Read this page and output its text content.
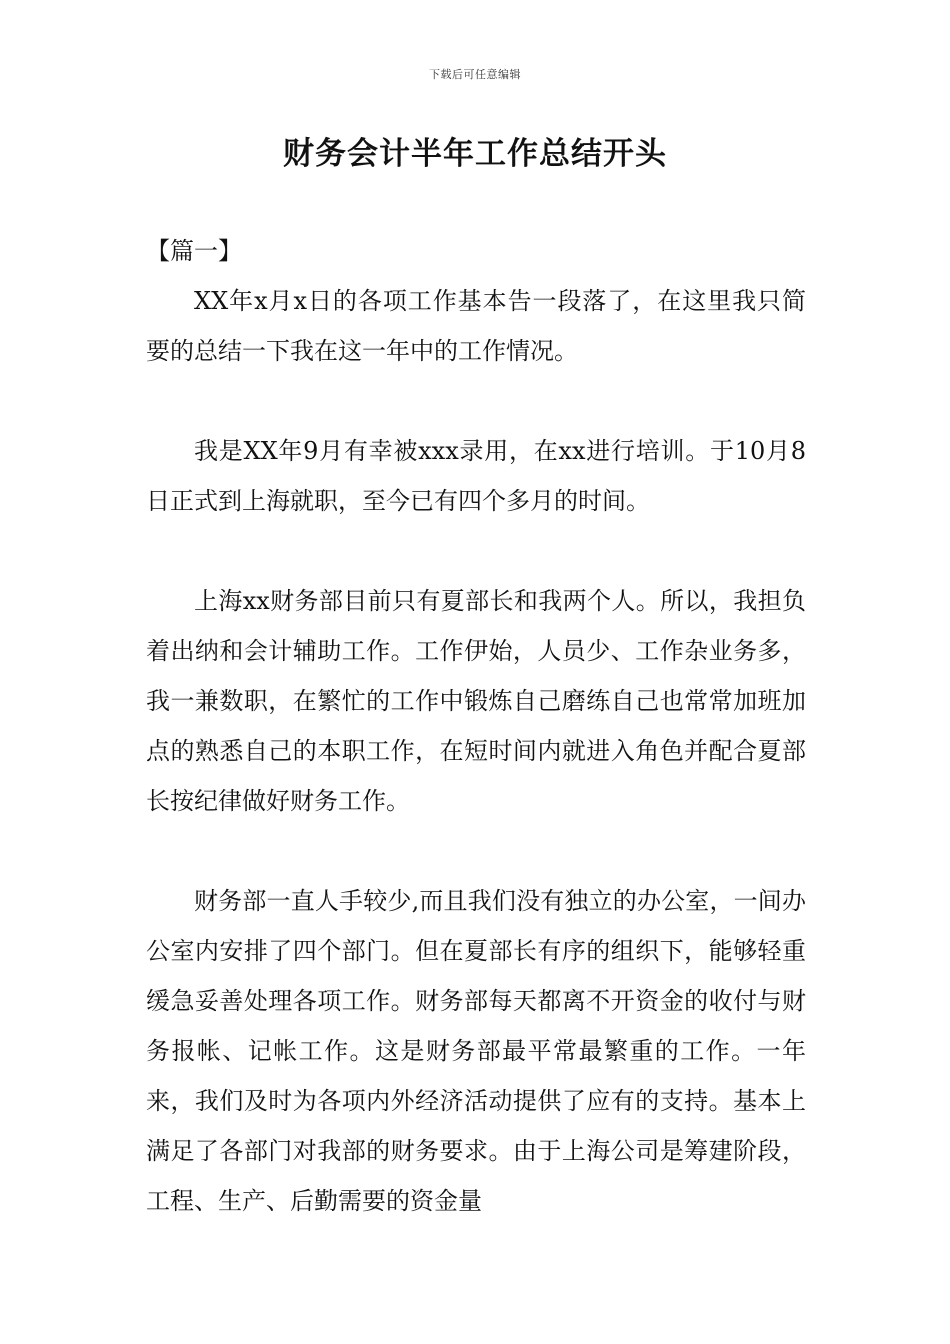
下载后可任意编辑
财务会计半年工作总结开头

【篇一】

XX年x月x日的各项工作基本告一段落了，在这里我只简要的总结一下我在这一年中的工作情况。

我是XX年9月有幸被xxx录用，在xx进行培训。于10月8日正式到上海就职，至今已有四个多月的时间。

上海xx财务部目前只有夏部长和我两个人。所以，我担负着出纳和会计辅助工作。工作伊始，人员少、工作杂业务多，我一兼数职，在繁忙的工作中锻炼自己磨练自己也常常加班加点的熟悉自己的本职工作，在短时间内就进入角色并配合夏部长按纪律做好财务工作。

财务部一直人手较少,而且我们没有独立的办公室，一间办公室内安排了四个部门。但在夏部长有序的组织下，能够轻重缓急妥善处理各项工作。财务部每天都离不开资金的收付与财务报帐、记帐工作。这是财务部最平常最繁重的工作。一年来，我们及时为各项内外经济活动提供了应有的支持。基本上满足了各部门对我部的财务要求。由于上海公司是筹建阶段，工程、生产、后勤需要的资金量
